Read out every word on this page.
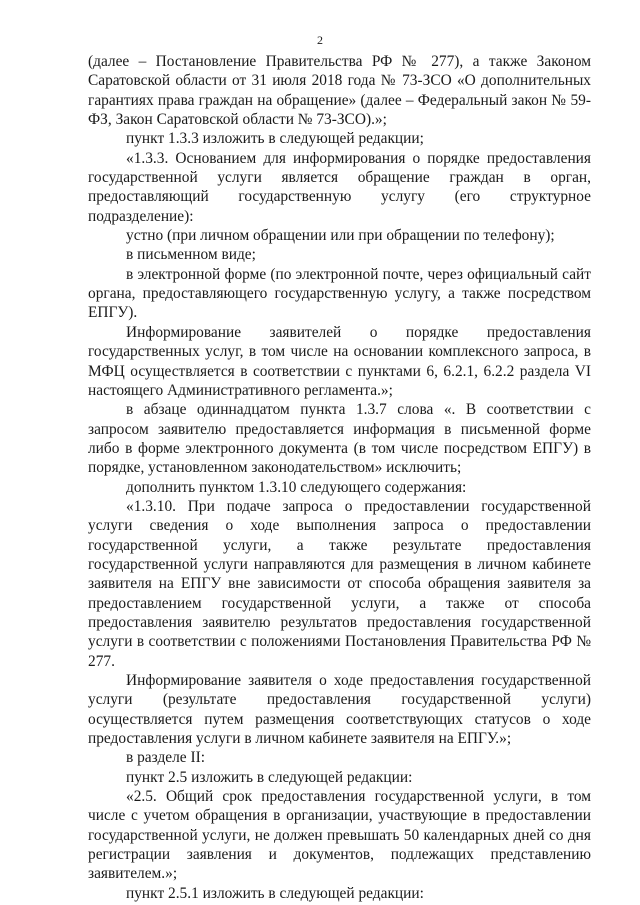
2

(далее – Постановление Правительства РФ № 277), а также Законом Саратовской области от 31 июля 2018 года № 73-ЗСО «О дополнительных гарантиях права граждан на обращение» (далее – Федеральный закон № 59-ФЗ, Закон Саратовской области № 73-ЗСО).»;

пункт 1.3.3 изложить в следующей редакции;

«1.3.3. Основанием для информирования о порядке предоставления государственной услуги является обращение граждан в орган, предоставляющий государственную услугу (его структурное подразделение):

устно (при личном обращении или при обращении по телефону);

в письменном виде;

в электронной форме (по электронной почте, через официальный сайт органа, предоставляющего государственную услугу, а также посредством ЕПГУ).

Информирование заявителей о порядке предоставления государственных услуг, в том числе на основании комплексного запроса, в МФЦ осуществляется в соответствии с пунктами 6, 6.2.1, 6.2.2 раздела VI настоящего Административного регламента.»;

в абзаце одиннадцатом пункта 1.3.7 слова «. В соответствии с запросом заявителю предоставляется информация в письменной форме либо в форме электронного документа (в том числе посредством ЕПГУ) в порядке, установленном законодательством» исключить;

дополнить пунктом 1.3.10 следующего содержания:

«1.3.10. При подаче запроса о предоставлении государственной услуги сведения о ходе выполнения запроса о предоставлении государственной услуги, а также результате предоставления государственной услуги направляются для размещения в личном кабинете заявителя на ЕПГУ вне зависимости от способа обращения заявителя за предоставлением государственной услуги, а также от способа предоставления заявителю результатов предоставления государственной услуги в соответствии с положениями Постановления Правительства РФ № 277.

Информирование заявителя о ходе предоставления государственной услуги (результате предоставления государственной услуги) осуществляется путем размещения соответствующих статусов о ходе предоставления услуги в личном кабинете заявителя на ЕПГУ.»;

в разделе II:

пункт 2.5 изложить в следующей редакции:

«2.5. Общий срок предоставления государственной услуги, в том числе с учетом обращения в организации, участвующие в предоставлении государственной услуги, не должен превышать 50 календарных дней со дня регистрации заявления и документов, подлежащих представлению заявителем.»;

пункт 2.5.1 изложить в следующей редакции:
